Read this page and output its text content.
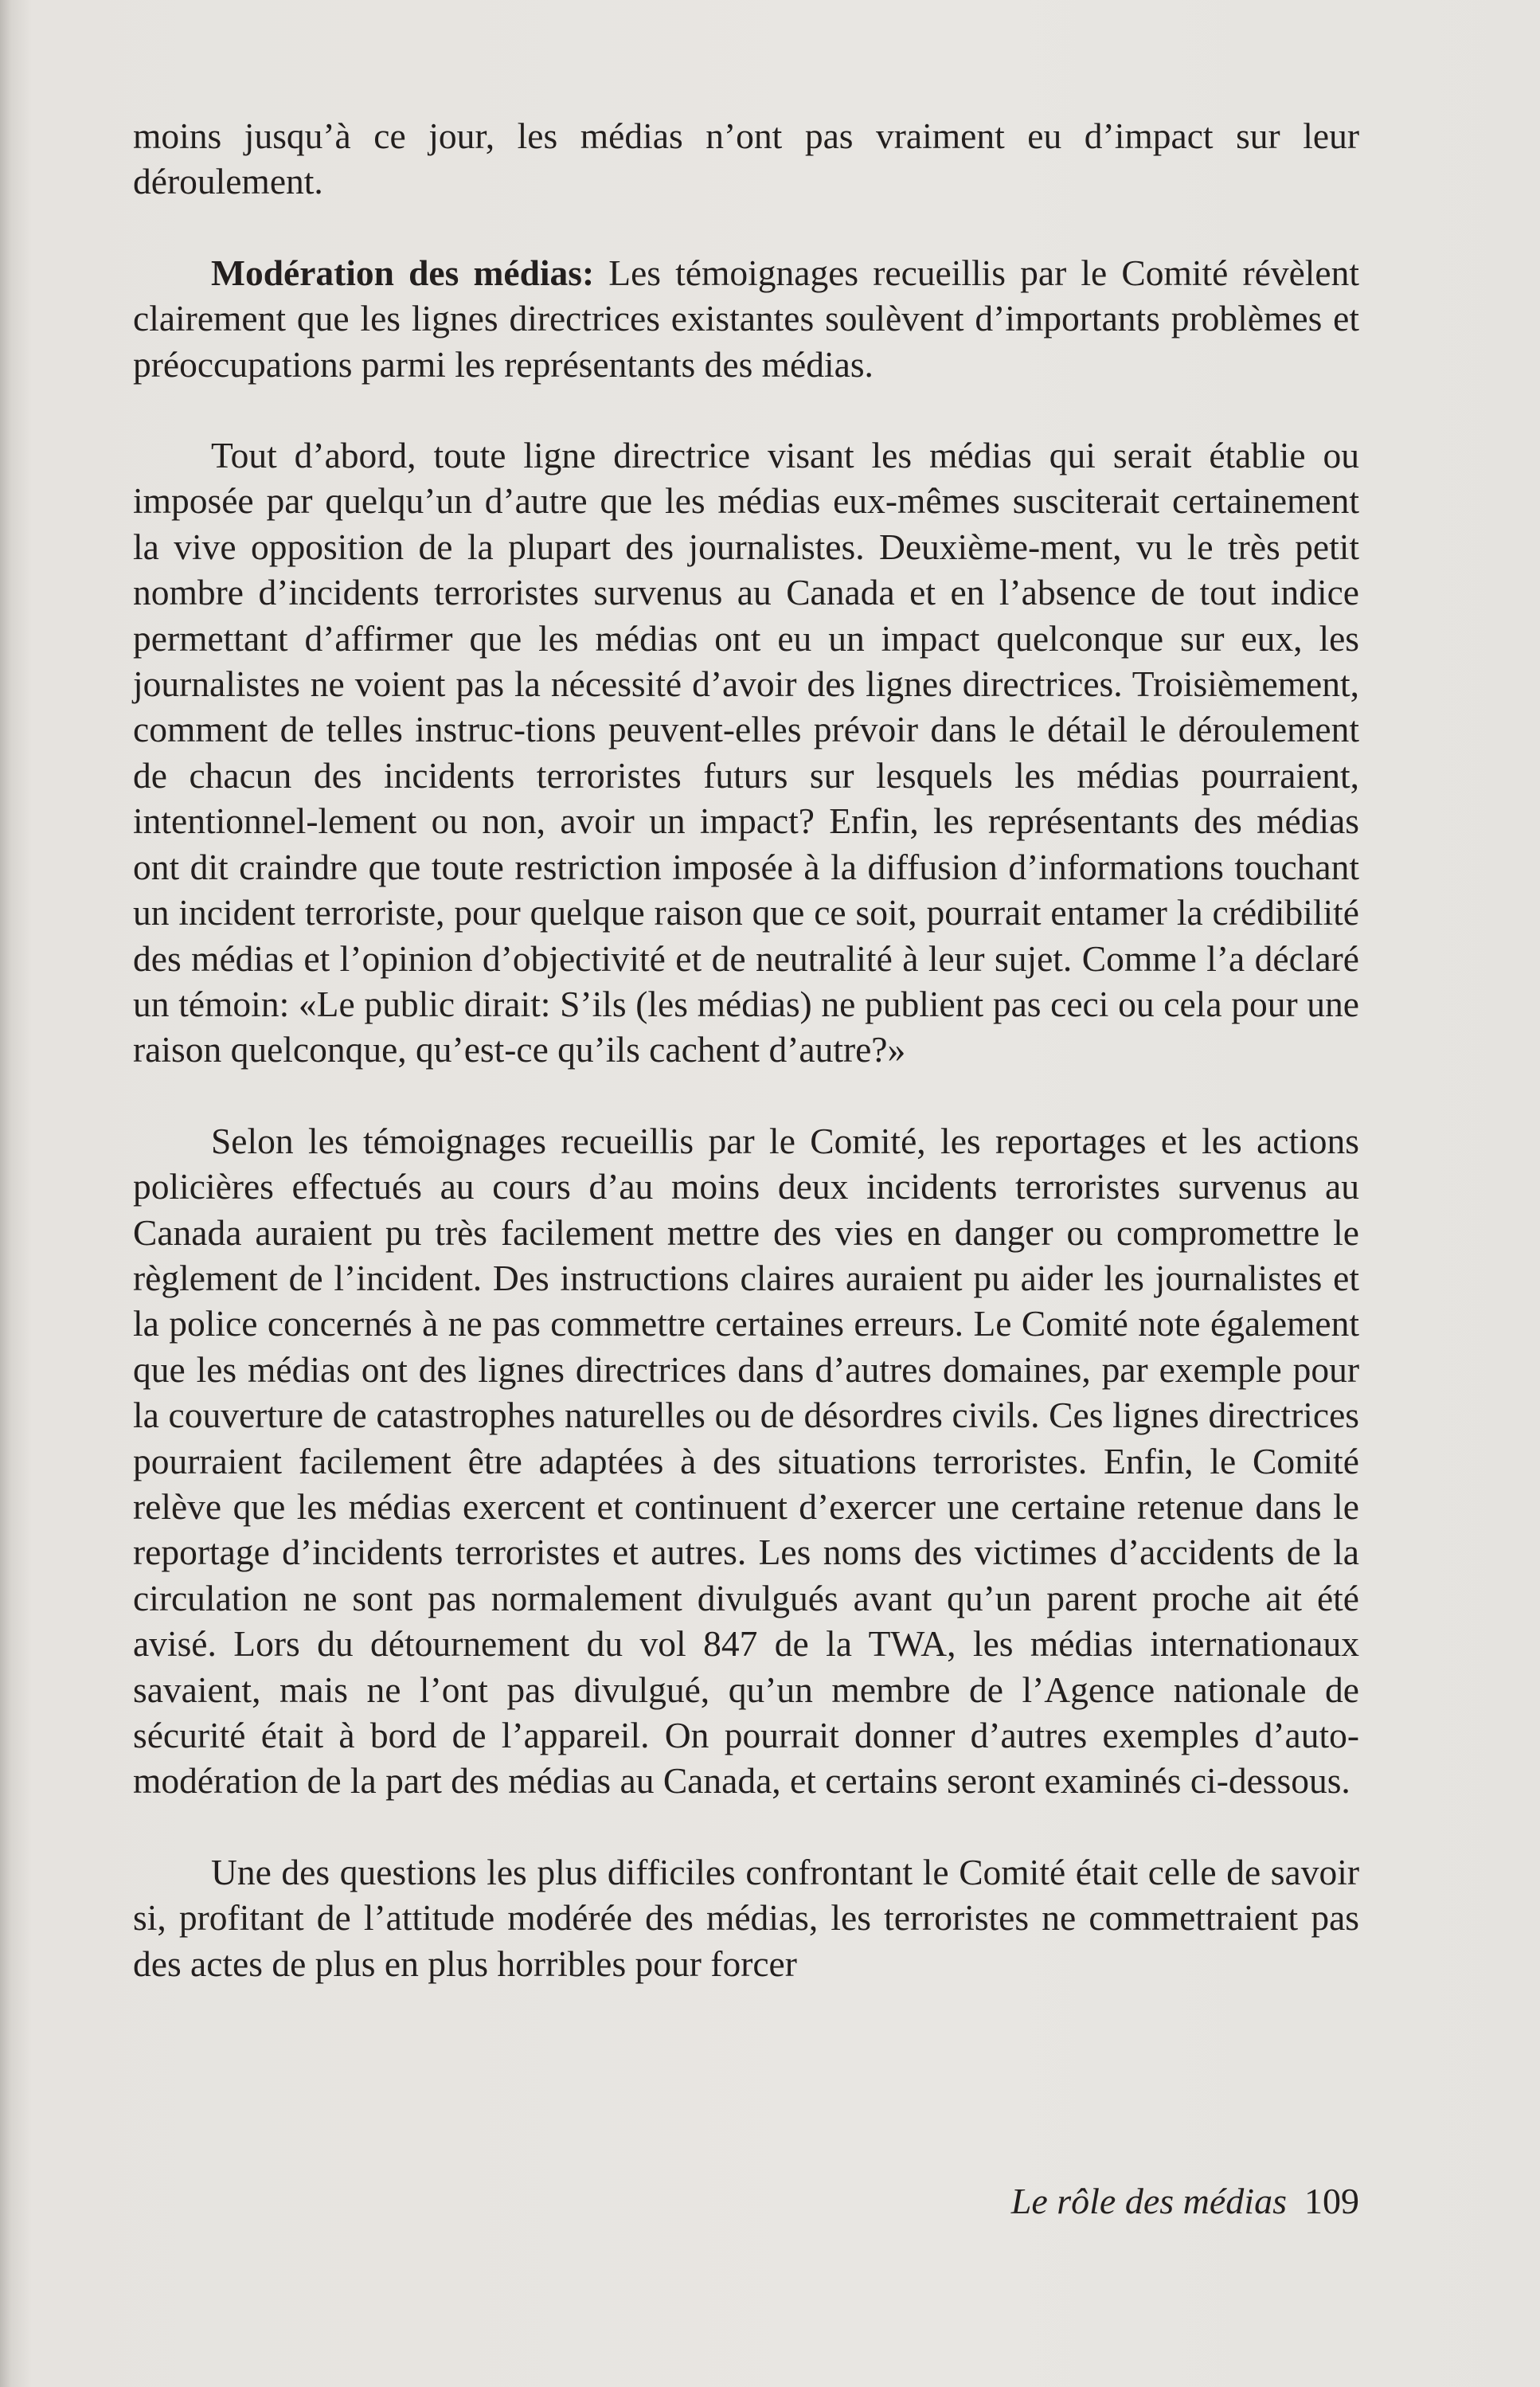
moins jusqu’à ce jour, les médias n’ont pas vraiment eu d’impact sur leur déroulement.

Modération des médias: Les témoignages recueillis par le Comité révèlent clairement que les lignes directrices existantes soulèvent d’importants problèmes et préoccupations parmi les représentants des médias.

Tout d’abord, toute ligne directrice visant les médias qui serait établie ou imposée par quelqu’un d’autre que les médias eux-mêmes susciterait certainement la vive opposition de la plupart des journalistes. Deuxième-ment, vu le très petit nombre d’incidents terroristes survenus au Canada et en l’absence de tout indice permettant d’affirmer que les médias ont eu un impact quelconque sur eux, les journalistes ne voient pas la nécessité d’avoir des lignes directrices. Troisièmement, comment de telles instruc-tions peuvent-elles prévoir dans le détail le déroulement de chacun des incidents terroristes futurs sur lesquels les médias pourraient, intentionnel-lement ou non, avoir un impact? Enfin, les représentants des médias ont dit craindre que toute restriction imposée à la diffusion d’informations touchant un incident terroriste, pour quelque raison que ce soit, pourrait entamer la crédibilité des médias et l’opinion d’objectivité et de neutralité à leur sujet. Comme l’a déclaré un témoin: «Le public dirait: S’ils (les médias) ne publient pas ceci ou cela pour une raison quelconque, qu’est-ce qu’ils cachent d’autre?»

Selon les témoignages recueillis par le Comité, les reportages et les actions policières effectués au cours d’au moins deux incidents terroristes survenus au Canada auraient pu très facilement mettre des vies en danger ou compromettre le règlement de l’incident. Des instructions claires auraient pu aider les journalistes et la police concernés à ne pas commettre certaines erreurs. Le Comité note également que les médias ont des lignes directrices dans d’autres domaines, par exemple pour la couverture de catastrophes naturelles ou de désordres civils. Ces lignes directrices pourraient facilement être adaptées à des situations terroristes. Enfin, le Comité relève que les médias exercent et continuent d’exercer une certaine retenue dans le reportage d’incidents terroristes et autres. Les noms des victimes d’accidents de la circulation ne sont pas normalement divulgués avant qu’un parent proche ait été avisé. Lors du détournement du vol 847 de la TWA, les médias internationaux savaient, mais ne l’ont pas divulgué, qu’un membre de l’Agence nationale de sécurité était à bord de l’appareil. On pourrait donner d’autres exemples d’auto-modération de la part des médias au Canada, et certains seront examinés ci-dessous.

Une des questions les plus difficiles confrontant le Comité était celle de savoir si, profitant de l’attitude modérée des médias, les terroristes ne commettraient pas des actes de plus en plus horribles pour forcer

Le rôle des médias 109
